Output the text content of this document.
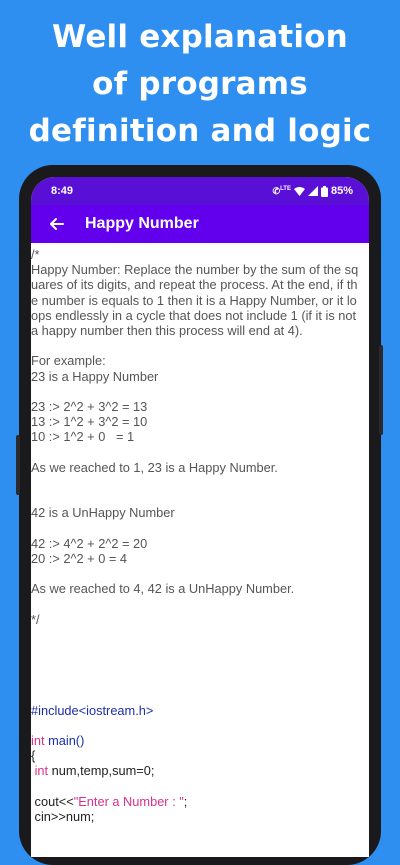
Well explanation
of programs
definition and logic
8:49	✆$^{LTE}$	85%
Happy Number
/*
Happy Number: Replace the number by the sum of the sq
uares of its digits, and repeat the process. At the end, if th
e number is equals to 1 then it is a Happy Number, or it lo
ops endlessly in a cycle that does not include 1 (if it is not
a happy number then this process will end at 4).
For example:
23 is a Happy Number
23 :> 2^2 + 3^2 = 13
13 :> 1^2 + 3^2 = 10
10 :> 1^2 + 0   = 1
As we reached to 1, 23 is a Happy Number.
42 is a UnHappy Number
42 :> 4^2 + 2^2 = 20
20 :> 2^2 + 0 = 4
As we reached to 4, 42 is a UnHappy Number.
*/
#include<iostream.h>
int main()
{
int num,temp,sum=0;
cout<<"Enter a Number : ";
cin>>num;
